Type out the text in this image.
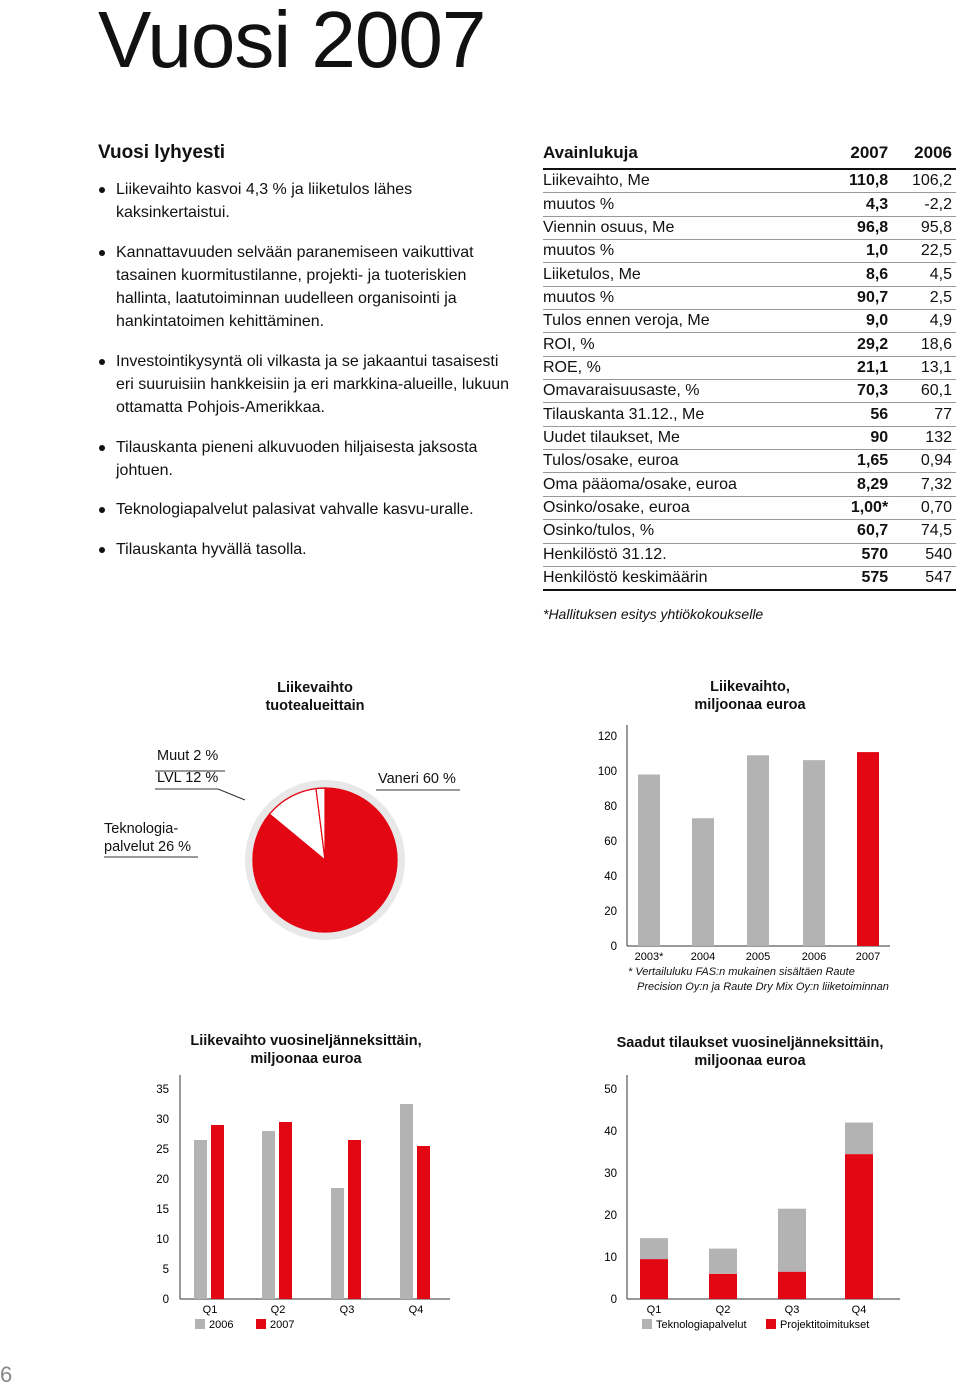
Vuosi 2007
Vuosi lyhyesti
Liikevaihto kasvoi 4,3 % ja liiketulos lähes kaksinkertaistui.
Kannattavuuden selvään paranemiseen vaikuttivat tasainen kuormitustilanne, projekti- ja tuoteriskien hallinta, laatutoiminnan uudelleen organisointi ja hankintatoimen kehittäminen.
Investointikysyntä oli vilkasta ja se jakaantui tasaisesti eri suuruisiin hankkeisiin ja eri markkina-alueille, lukuun ottamatta Pohjois-Amerikkaa.
Tilauskanta pieneni alkuvuoden hiljaisesta jaksosta johtuen.
Teknologiapalvelut palasivat vahvalle kasvu-uralle.
Tilauskanta hyvällä tasolla.
Avainlukuja	2007	2006
Liikevaihto, Me	110,8	106,2
muutos %	4,3	-2,2
Viennin osuus, Me	96,8	95,8
muutos %	1,0	22,5
Liiketulos, Me	8,6	4,5
muutos %	90,7	2,5
Tulos ennen veroja, Me	9,0	4,9
ROI, %	29,2	18,6
ROE, %	21,1	13,1
Omavaraisuusaste, %	70,3	60,1
Tilauskanta 31.12., Me	56	77
Uudet tilaukset, Me	90	132
Tulos/osake, euroa	1,65	0,94
Oma pääoma/osake, euroa	8,29	7,32
Osinko/osake, euroa	1,00*	0,70
Osinko/tulos, %	60,7	74,5
Henkilöstö 31.12.	570	540
Henkilöstö keskimäärin	575	547
*Hallituksen esitys yhtiökokoukselle
Liikevaihto
tuotealueittain
Muut 2 %
LVL 12 %	Vaneri 60 %
Teknologia-
palvelut 26 %
Liikevaihto,
miljoonaa euroa
0
20
40
60
80
100
120
2003* 2004	2005	2006	2007
* Vertailuluku FAS:n mukainen sisältäen Raute
Precision Oy:n ja Raute Dry Mix Oy:n liiketoiminnan
Liikevaihto vuosineljänneksittäin,
miljoonaa euroa
0
5
10
15
20
25
30
35
Q1	Q2	Q3	Q4
2006	2007
Saadut tilaukset vuosineljänneksittäin,
miljoonaa euroa
0
10
20
30
40
50
Q1	Q2	Q3	Q4
Teknologiapalvelut	Projektitoimitukset
6
